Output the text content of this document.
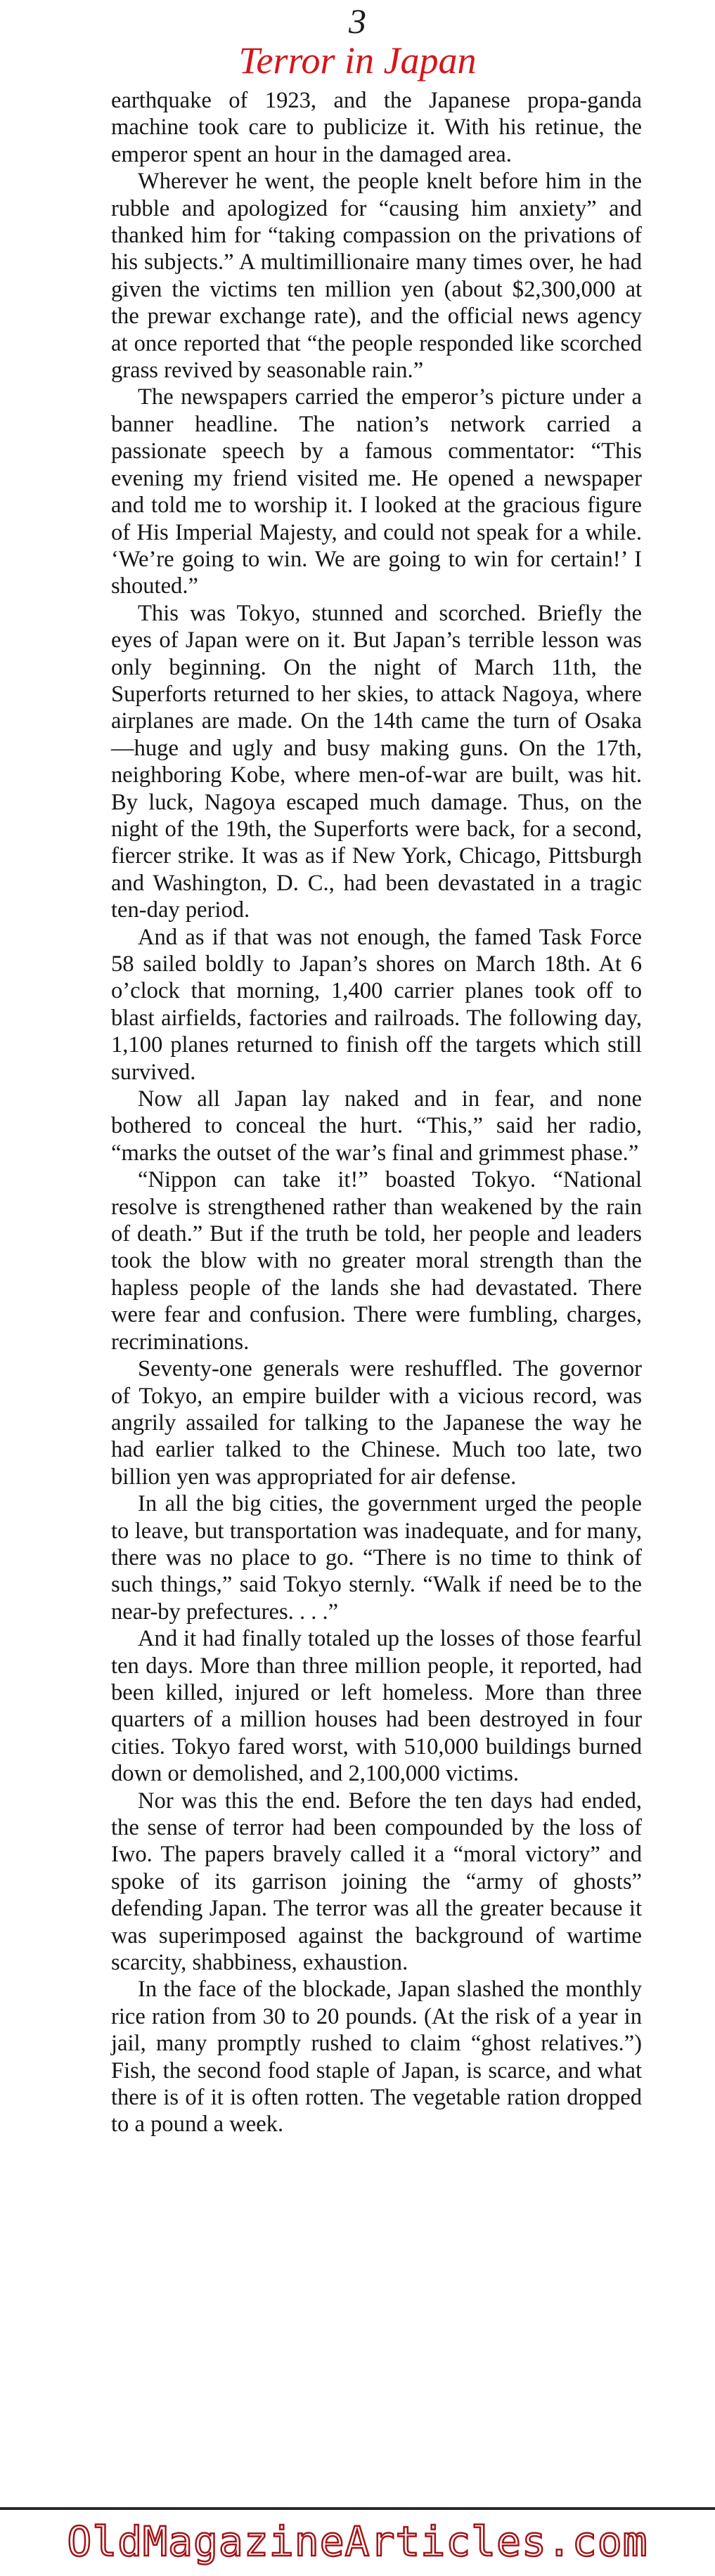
3
Terror in Japan

earthquake of 1923, and the Japanese propa-ganda machine took care to publicize it. With his retinue, the emperor spent an hour in the damaged area.

Wherever he went, the people knelt before him in the rubble and apologized for “causing him anxiety” and thanked him for “taking compassion on the privations of his subjects.” A multimillionaire many times over, he had given the victims ten million yen (about $2,300,000 at the prewar exchange rate), and the official news agency at once reported that “the people responded like scorched grass revived by seasonable rain.”

The newspapers carried the emperor’s picture under a banner headline. The nation’s network carried a passionate speech by a famous commentator: “This evening my friend visited me. He opened a newspaper and told me to worship it. I looked at the gracious figure of His Imperial Majesty, and could not speak for a while. ‘We’re going to win. We are going to win for certain!’ I shouted.”

This was Tokyo, stunned and scorched. Briefly the eyes of Japan were on it. But Japan’s terrible lesson was only beginning. On the night of March 11th, the Superforts returned to her skies, to attack Nagoya, where airplanes are made. On the 14th came the turn of Osaka—huge and ugly and busy making guns. On the 17th, neighboring Kobe, where men-of-war are built, was hit. By luck, Nagoya escaped much damage. Thus, on the night of the 19th, the Superforts were back, for a second, fiercer strike. It was as if New York, Chicago, Pittsburgh and Washington, D. C., had been devastated in a tragic ten-day period.

And as if that was not enough, the famed Task Force 58 sailed boldly to Japan’s shores on March 18th. At 6 o’clock that morning, 1,400 carrier planes took off to blast airfields, factories and railroads. The following day, 1,100 planes returned to finish off the targets which still survived.

Now all Japan lay naked and in fear, and none bothered to conceal the hurt. “This,” said her radio, “marks the outset of the war’s final and grimmest phase.”

“Nippon can take it!” boasted Tokyo. “National resolve is strengthened rather than weakened by the rain of death.” But if the truth be told, her people and leaders took the blow with no greater moral strength than the hapless people of the lands she had devastated. There were fear and confusion. There were fumbling, charges, recriminations.

Seventy-one generals were reshuffled. The governor of Tokyo, an empire builder with a vicious record, was angrily assailed for talking to the Japanese the way he had earlier talked to the Chinese. Much too late, two billion yen was appropriated for air defense.

In all the big cities, the government urged the people to leave, but transportation was inadequate, and for many, there was no place to go. “There is no time to think of such things,” said Tokyo sternly. “Walk if need be to the near-by prefectures. . . .”

And it had finally totaled up the losses of those fearful ten days. More than three million people, it reported, had been killed, injured or left homeless. More than three quarters of a million houses had been destroyed in four cities. Tokyo fared worst, with 510,000 buildings burned down or demolished, and 2,100,000 victims.

Nor was this the end. Before the ten days had ended, the sense of terror had been compounded by the loss of Iwo. The papers bravely called it a “moral victory” and spoke of its garrison joining the “army of ghosts” defending Japan. The terror was all the greater because it was superimposed against the background of wartime scarcity, shabbiness, exhaustion.

In the face of the blockade, Japan slashed the monthly rice ration from 30 to 20 pounds. (At the risk of a year in jail, many promptly rushed to claim “ghost relatives.”) Fish, the second food staple of Japan, is scarce, and what there is of it is often rotten. The vegetable ration dropped to a pound a week.

OldMagazineArticles.com
